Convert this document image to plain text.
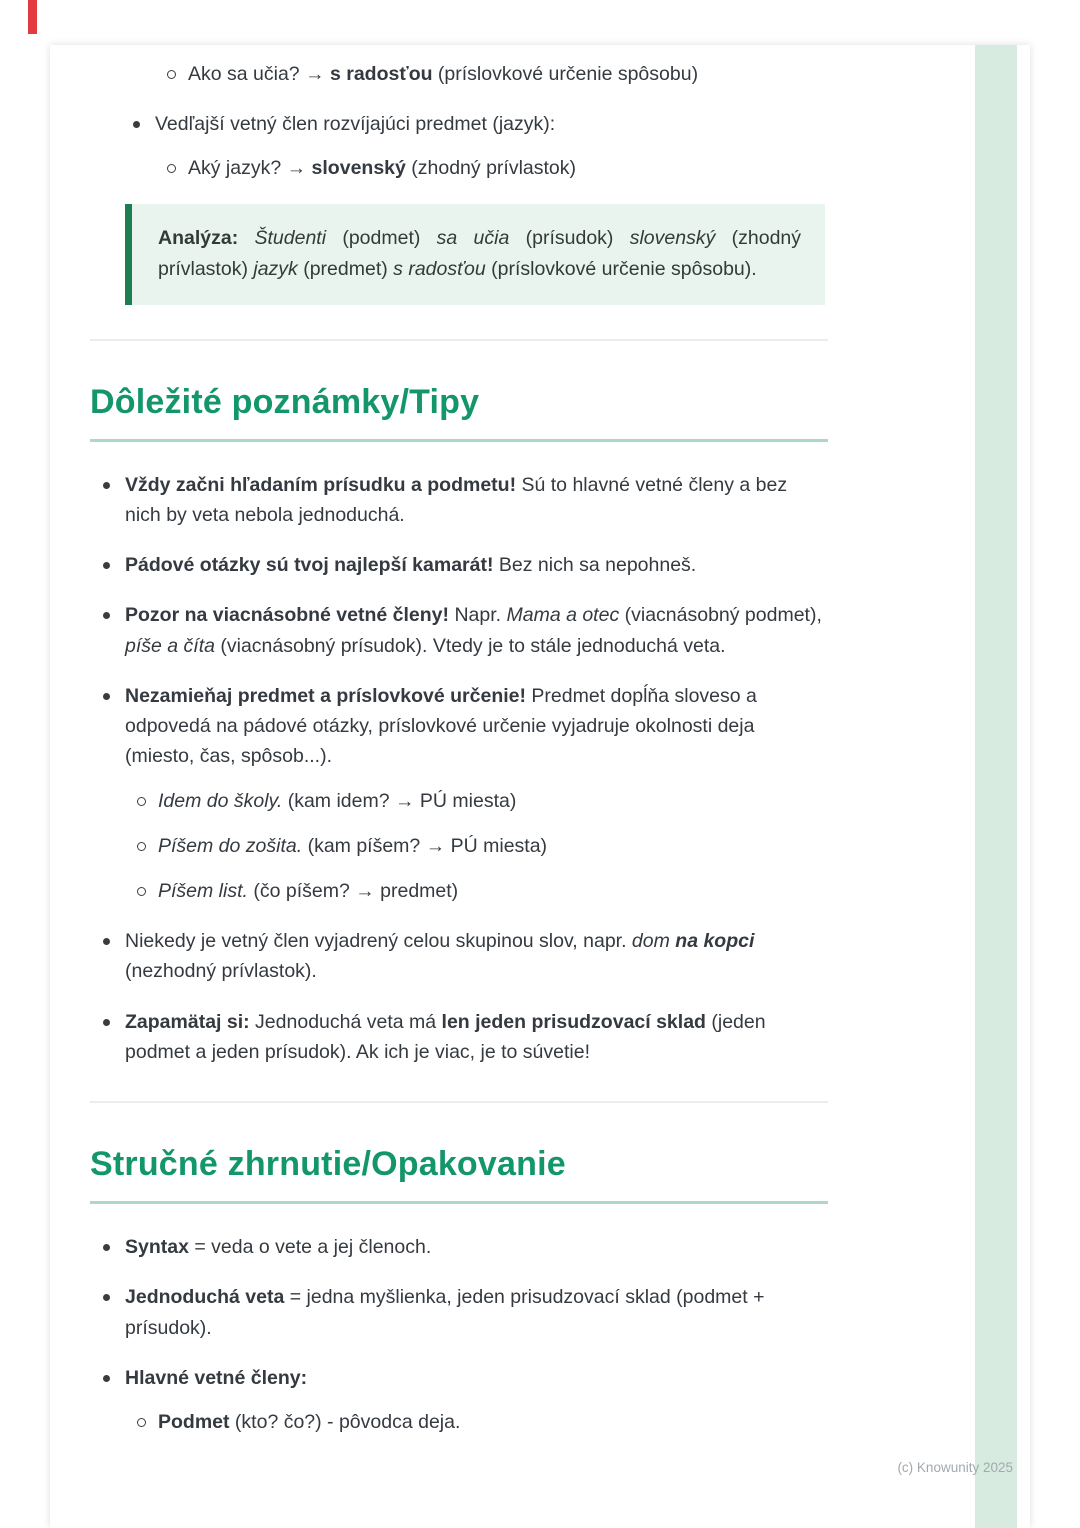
Ako sa učia? → s radosťou (príslovkové určenie spôsobu)
Vedľajší vetný člen rozvíjajúci predmet (jazyk):
Aký jazyk? → slovenský (zhodný prívlastok)

Analýza: Študenti (podmet) sa učia (prísudok) slovenský (zhodný prívlastok) jazyk (predmet) s radosťou (príslovkové určenie spôsobu).

Dôležité poznámky/Tipy
Vždy začni hľadaním prísudku a podmetu! Sú to hlavné vetné členy a bez nich by veta nebola jednoduchá.
Pádové otázky sú tvoj najlepší kamarát! Bez nich sa nepohneš.
Pozor na viacnásobné vetné členy! Napr. Mama a otec (viacnásobný podmet), píše a číta (viacnásobný prísudok). Vtedy je to stále jednoduchá veta.
Nezamieňaj predmet a príslovkové určenie! Predmet dopĺňa sloveso a odpovedá na pádové otázky, príslovkové určenie vyjadruje okolnosti deja (miesto, čas, spôsob...).
Idem do školy. (kam idem? → PÚ miesta)
Píšem do zošita. (kam píšem? → PÚ miesta)
Píšem list. (čo píšem? → predmet)
Niekedy je vetný člen vyjadrený celou skupinou slov, napr. dom na kopci (nezhodný prívlastok).
Zapamätaj si: Jednoduchá veta má len jeden prisudzovací sklad (jeden podmet a jeden prísudok). Ak ich je viac, je to súvetie!
Stručné zhrnutie/Opakovanie
Syntax = veda o vete a jej členoch.
Jednoduchá veta = jedna myšlienka, jeden prisudzovací sklad (podmet + prísudok).
Hlavné vetné členy:
Podmet (kto? čo?) - pôvodca deja.
(c) Knowunity 2025
